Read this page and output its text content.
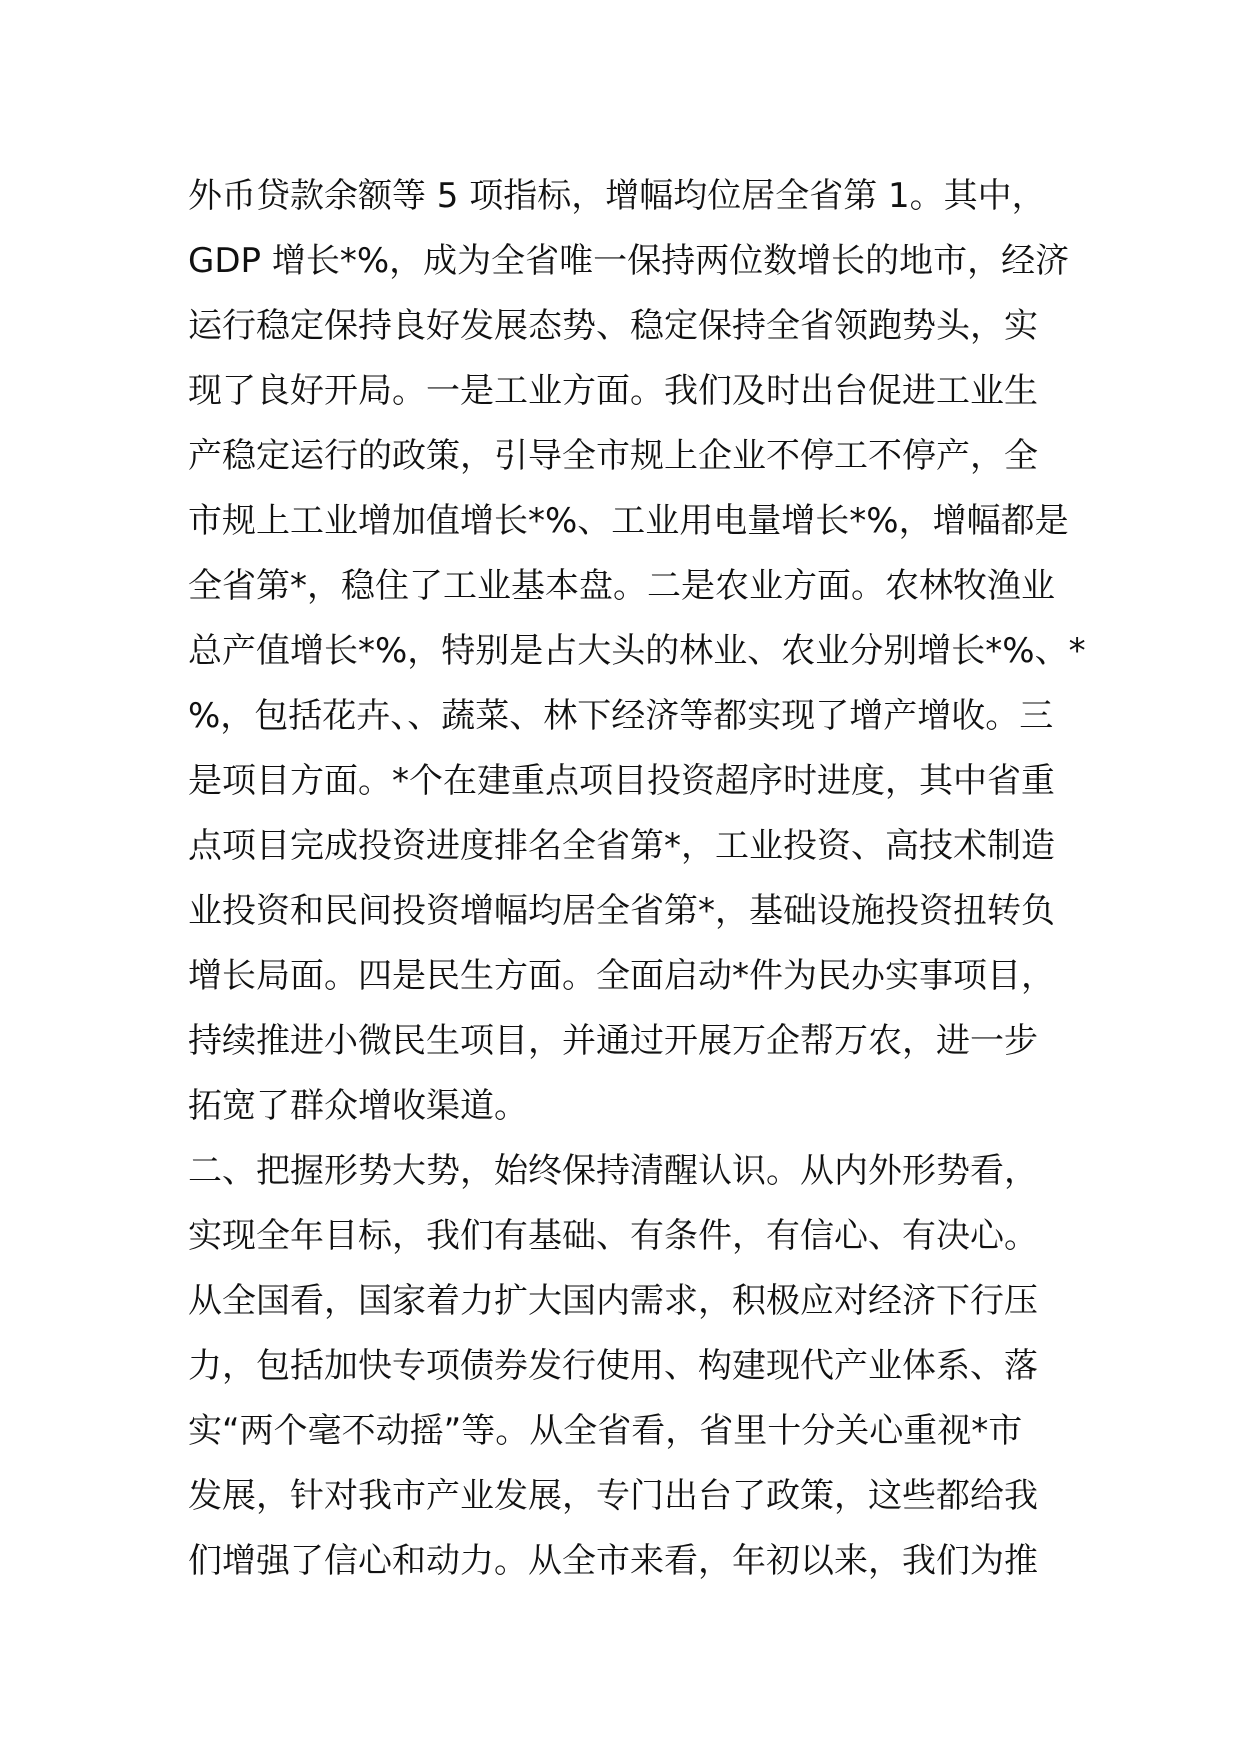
外币贷款余额等 5 项指标，增幅均位居全省第 1。其中，
GDP 增长*%，成为全省唯一保持两位数增长的地市，经济
运行稳定保持良好发展态势、稳定保持全省领跑势头，实
现了良好开局。一是工业方面。我们及时出台促进工业生
产稳定运行的政策，引导全市规上企业不停工不停产，全
市规上工业增加值增长*%、工业用电量增长*%，增幅都是
全省第*，稳住了工业基本盘。二是农业方面。农林牧渔业
总产值增长*%，特别是占大头的林业、农业分别增长*%、*
%，包括花卉、、蔬菜、林下经济等都实现了增产增收。三
是项目方面。*个在建重点项目投资超序时进度，其中省重
点项目完成投资进度排名全省第*，工业投资、高技术制造
业投资和民间投资增幅均居全省第*，基础设施投资扭转负
增长局面。四是民生方面。全面启动*件为民办实事项目，
持续推进小微民生项目，并通过开展万企帮万农，进一步
拓宽了群众增收渠道。
二、把握形势大势，始终保持清醒认识。从内外形势看，
实现全年目标，我们有基础、有条件，有信心、有决心。
从全国看，国家着力扩大国内需求，积极应对经济下行压
力，包括加快专项债券发行使用、构建现代产业体系、落
实“两个毫不动摇”等。从全省看，省里十分关心重视*市
发展，针对我市产业发展，专门出台了政策，这些都给我
们增强了信心和动力。从全市来看，年初以来，我们为推
